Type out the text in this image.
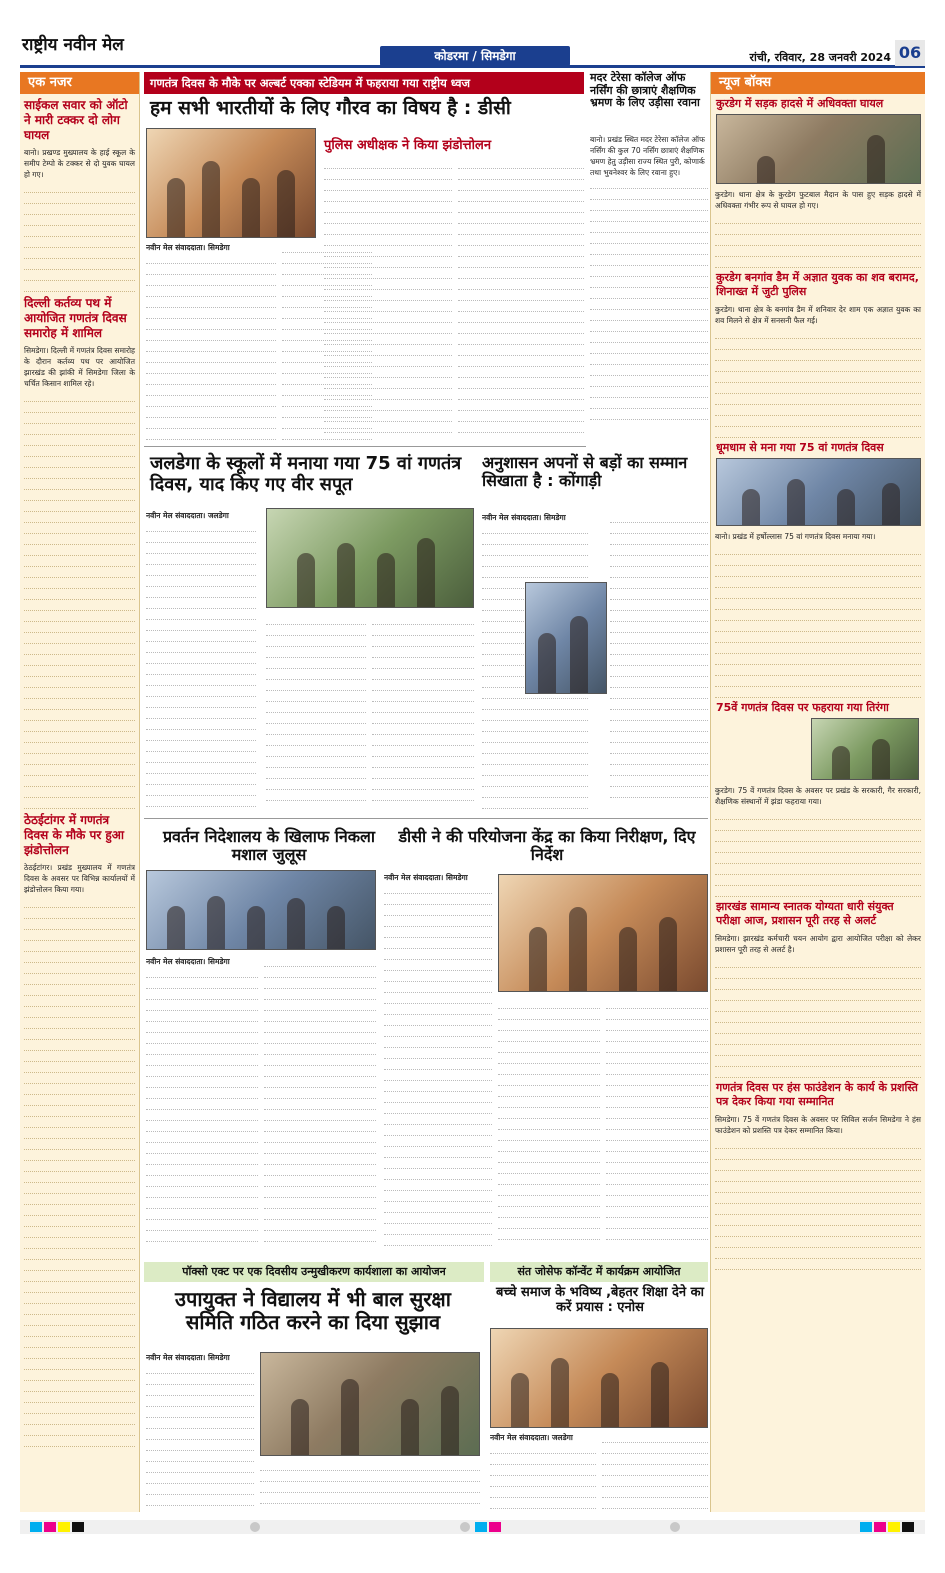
राष्ट्रीय नवीन मेल
कोडरमा / सिमडेगा	रांची, रविवार, 28 जनवरी 2024 06
एक नजर
साईकल सवार को ऑटो ने मारी टक्कर दो लोग घायल
बानो। प्रखण्ड मुख्यालय के हाई स्कूल के समीप टेम्पो के टक्कर से दो युवक घायल हो गए।
दिल्ली कर्तव्य पथ में आयोजित गणतंत्र दिवस समारोह में शामिल
सिमडेगा। दिल्ली में गणतंत्र दिवस समारोह के दौरान कर्तव्य पथ पर आयोजित झारखंड की झांकी में सिमडेगा जिला के चर्चित किसान शामिल रहे।
ठेठईटांगर में गणतंत्र दिवस के मौके पर हुआ झंडोत्तोलन
ठेठईटांगर। प्रखंड मुख्यालय में गणतंत्र दिवस के अवसर पर विभिन्न कार्यालयों में झंडोत्तोलन किया गया।
गणतंत्र दिवस के मौके पर अल्बर्ट एक्का स्टेडियम में फहराया गया राष्ट्रीय ध्वज
हम सभी भारतीयों के लिए गौरव का विषय है : डीसी
पुलिस अधीक्षक ने किया झंडोत्तोलन
नवीन मेल संवाददाता। सिमडेगा
मदर टेरेसा कॉलेज ऑफ नर्सिंग की छात्राएं शैक्षणिक भ्रमण के लिए उड़ीसा रवाना
बानो। प्रखंड स्थित मदर टेरेसा कॉलेज ऑफ नर्सिंग की कुल 70 नर्सिंग छात्राएं शैक्षणिक भ्रमण हेतु उड़ीसा राज्य स्थित पुरी, कोणार्क तथा भुवनेश्वर के लिए रवाना हुए।
जलडेगा के स्कूलों में मनाया गया 75 वां गणतंत्र दिवस, याद किए गए वीर सपूत
नवीन मेल संवाददाता। जलडेगा
अनुशासन अपनों से बड़ों का सम्मान सिखाता है : कोंगाड़ी
नवीन मेल संवाददाता। सिमडेगा
प्रवर्तन निदेशालय के खिलाफ निकला मशाल जुलूस
नवीन मेल संवाददाता। सिमडेगा
डीसी ने की परियोजना केंद्र का किया निरीक्षण, दिए निर्देश
नवीन मेल संवाददाता। सिमडेगा
पॉक्सो एक्ट पर एक दिवसीय उन्मुखीकरण कार्यशाला का आयोजन
उपायुक्त ने विद्यालय में भी बाल सुरक्षा समिति गठित करने का दिया सुझाव
नवीन मेल संवाददाता। सिमडेगा
संत जोसेफ कॉन्वेंट में कार्यक्रम आयोजित
बच्चे समाज के भविष्य ,बेहतर शिक्षा देने का करें प्रयास : एनोस
नवीन मेल संवाददाता। जलडेगा
न्यूज बॉक्स
कुरडेग में सड़क हादसे में अधिवक्ता घायल
कुरडेग। थाना क्षेत्र के कुरडेग फुटबाल मैदान के पास हुए सड़क हादसे में अधिवक्ता गंभीर रूप से घायल हो गए।
कुरडेग बनगांव डैम में अज्ञात युवक का शव बरामद, शिनाख्त में जुटी पुलिस
कुरडेग। थाना क्षेत्र के बनगांव डैम में शनिवार देर शाम एक अज्ञात युवक का शव मिलने से क्षेत्र में सनसनी फैल गई।
धूमधाम से मना गया 75 वां गणतंत्र दिवस
बानो। प्रखंड में हर्षोल्लास 75 वां गणतंत्र दिवस मनाया गया।
75वें गणतंत्र दिवस पर फहराया गया तिरंगा
कुरडेग। 75 वें गणतंत्र दिवस के अवसर पर प्रखंड के सरकारी, गैर सरकारी, शैक्षणिक संस्थानों में झंडा फहराया गया।
झारखंड सामान्य स्नातक योग्यता धारी संयुक्त परीक्षा आज, प्रशासन पूरी तरह से अलर्ट
सिमडेगा। झारखंड कर्मचारी चयन आयोग द्वारा आयोजित परीक्षा को लेकर प्रशासन पूरी तरह से अलर्ट है।
गणतंत्र दिवस पर हंस फाउंडेशन के कार्य के प्रशस्ति पत्र देकर किया गया सम्मानित
सिमडेगा। 75 वें गणतंत्र दिवस के अवसर पर सिविल सर्जन सिमडेगा ने हंस फाउंडेशन को प्रशस्ति पत्र देकर सम्मानित किया।
